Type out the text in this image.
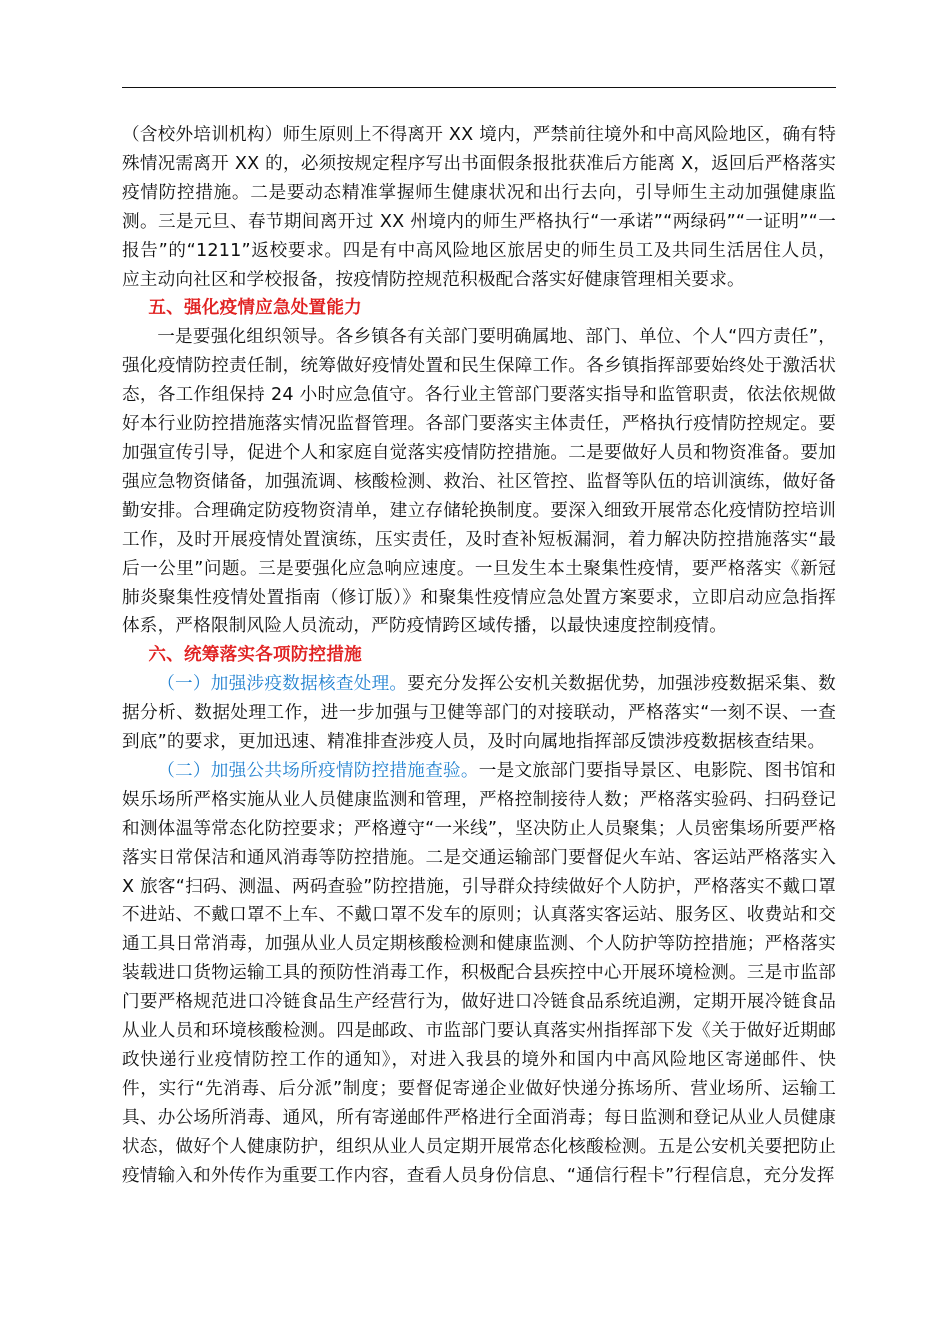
（含校外培训机构）师生原则上不得离开 XX 境内，严禁前往境外和中高风险地区，确有特殊情况需离开 XX 的，必须按规定程序写出书面假条报批获准后方能离 X，返回后严格落实疫情防控措施。二是要动态精准掌握师生健康状况和出行去向，引导师生主动加强健康监测。三是元旦、春节期间离开过 XX 州境内的师生严格执行“一承诺”“两绿码”“一证明”“一报告”的“1211”返校要求。四是有中高风险地区旅居史的师生员工及共同生活居住人员，应主动向社区和学校报备，按疫情防控规范积极配合落实好健康管理相关要求。

五、强化疫情应急处置能力

一是要强化组织领导。各乡镇各有关部门要明确属地、部门、单位、个人“四方责任”，强化疫情防控责任制，统筹做好疫情处置和民生保障工作。各乡镇指挥部要始终处于激活状态，各工作组保持 24 小时应急值守。各行业主管部门要落实指导和监管职责，依法依规做好本行业防控措施落实情况监督管理。各部门要落实主体责任，严格执行疫情防控规定。要加强宣传引导，促进个人和家庭自觉落实疫情防控措施。二是要做好人员和物资准备。要加强应急物资储备，加强流调、核酸检测、救治、社区管控、监督等队伍的培训演练，做好备勤安排。合理确定防疫物资清单，建立存储轮换制度。要深入细致开展常态化疫情防控培训工作，及时开展疫情处置演练，压实责任，及时查补短板漏洞，着力解决防控措施落实“最后一公里”问题。三是要强化应急响应速度。一旦发生本土聚集性疫情，要严格落实《新冠肺炎聚集性疫情处置指南（修订版）》和聚集性疫情应急处置方案要求，立即启动应急指挥体系，严格限制风险人员流动，严防疫情跨区域传播，以最快速度控制疫情。

六、统筹落实各项防控措施

（一）加强涉疫数据核查处理。要充分发挥公安机关数据优势，加强涉疫数据采集、数据分析、数据处理工作，进一步加强与卫健等部门的对接联动，严格落实“一刻不误、一查到底”的要求，更加迅速、精准排查涉疫人员，及时向属地指挥部反馈涉疫数据核查结果。

（二）加强公共场所疫情防控措施查验。一是文旅部门要指导景区、电影院、图书馆和娱乐场所严格实施从业人员健康监测和管理，严格控制接待人数；严格落实验码、扫码登记和测体温等常态化防控要求；严格遵守“一米线”，坚决防止人员聚集；人员密集场所要严格落实日常保洁和通风消毒等防控措施。二是交通运输部门要督促火车站、客运站严格落实入 X 旅客“扫码、测温、两码查验”防控措施，引导群众持续做好个人防护，严格落实不戴口罩不进站、不戴口罩不上车、不戴口罩不发车的原则；认真落实客运站、服务区、收费站和交通工具日常消毒，加强从业人员定期核酸检测和健康监测、个人防护等防控措施；严格落实装载进口货物运输工具的预防性消毒工作，积极配合县疾控中心开展环境检测。三是市监部门要严格规范进口冷链食品生产经营行为，做好进口冷链食品系统追溯，定期开展冷链食品从业人员和环境核酸检测。四是邮政、市监部门要认真落实州指挥部下发《关于做好近期邮政快递行业疫情防控工作的通知》，对进入我县的境外和国内中高风险地区寄递邮件、快件，实行“先消毒、后分派”制度；要督促寄递企业做好快递分拣场所、营业场所、运输工具、办公场所消毒、通风，所有寄递邮件严格进行全面消毒；每日监测和登记从业人员健康状态，做好个人健康防护，组织从业人员定期开展常态化核酸检测。五是公安机关要把防止疫情输入和外传作为重要工作内容，查看人员身份信息、“通信行程卡”行程信息，充分发挥
